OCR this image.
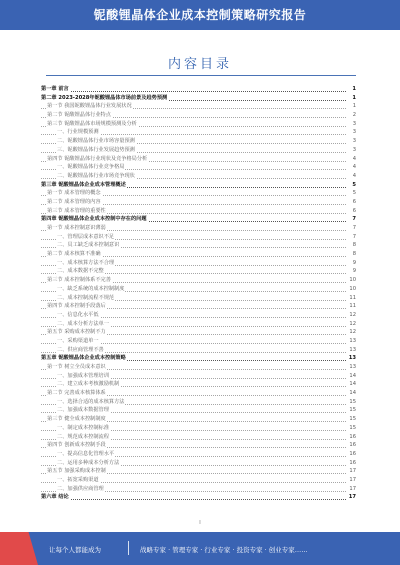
铌酸锂晶体企业成本控制策略研究报告
内容目录
第一章 前言	1
第二章 2023-2028年铌酸锂晶体市场前景及趋势预测	1
第一节 我国铌酸锂晶体行业发展状况	1
第二节 铌酸锂晶体行业特点	2
第三节 铌酸锂晶体市场规模预测及分析	3
一、行业规模预测	3
二、铌酸锂晶体行业市场容量预测	3
三、铌酸锂晶体行业发展趋势预测	3
第四节 铌酸锂晶体行业现状及竞争格局分析	4
一、铌酸锂晶体行业竞争格局	4
二、铌酸锂晶体行业市场竞争现状	4
第三章 铌酸锂晶体企业成本管理概述	5
第一节 成本管理的概念	5
第二节 成本管理的内容	6
第三节 成本管理的重要性	6
第四章 铌酸锂晶体企业成本控制中存在的问题	7
第一节 成本控制意识薄弱	7
一、管理层成本意识不足	7
二、员工缺乏成本控制意识	8
第二节 成本核算不准确	8
一、成本核算方法不合理	9
二、成本数据不完整	9
第三节 成本控制体系不完善	10
一、缺乏系统的成本控制制度	10
二、成本控制流程不规范	11
第四节 成本控制手段落后	11
一、信息化水平低	12
二、成本分析方法单一	12
第五节 采购成本控制不力	12
一、采购渠道单一	13
二、供应商管理不善	13
第五章 铌酸锂晶体企业成本控制策略	13
第一节 树立全员成本意识	13
一、加强成本管理培训	14
二、建立成本考核激励机制	14
第二节 完善成本核算体系	14
一、选择合适的成本核算方法	15
二、加强成本数据管理	15
第三节 健全成本控制制度	15
一、制定成本控制标准	15
二、规范成本控制流程	16
第四节 创新成本控制手段	16
一、提高信息化管理水平	16
二、运用多种成本分析方法	16
第五节 加强采购成本控制	17
一、拓宽采购渠道	17
二、加强供应商管理	17
第六章 结论	17
I
让每个人都能成为	战略专家 · 管理专家 · 行业专家 · 投资专家 · 创业专家……
